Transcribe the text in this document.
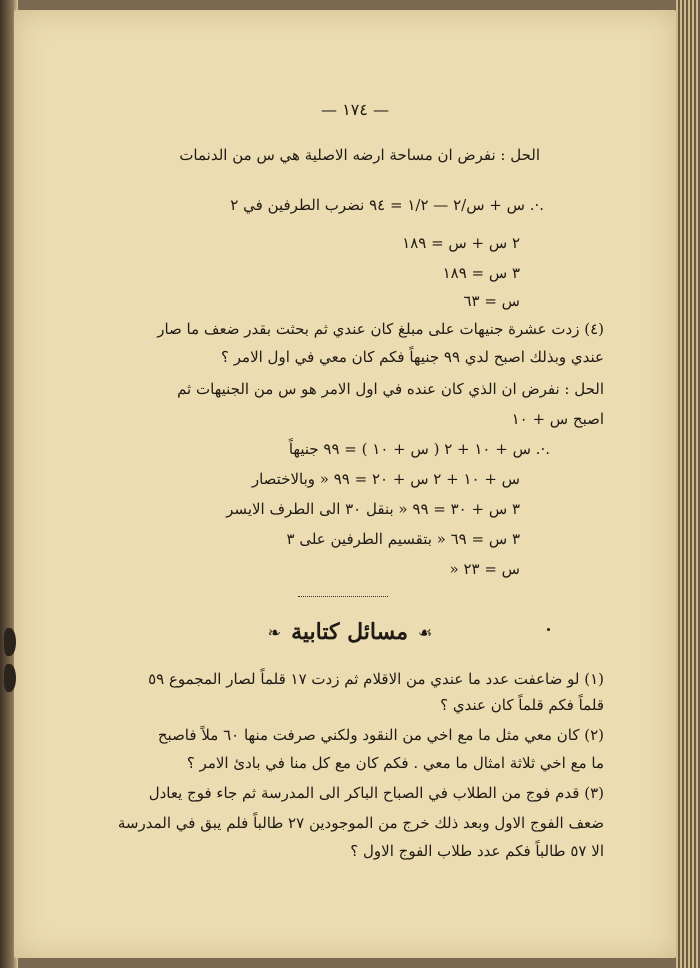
— ١٧٤ —
الحل : نفرض ان مساحة ارضه الاصلية هي س من الدنمات
.·. س + س/٢ — ١/٢ = ٩٤ نضرب الطرفين في ٢
٢ س + س = ١٨٩
٣ س = ١٨٩
س = ٦٣
(٤) زدت عشرة جنيهات على مبلغ كان عندي ثم بحثت بقدر ضعف ما صار
عندي وبذلك اصبح لدي ٩٩ جنيهاً فكم كان معي في اول الامر ؟
الحل : نفرض ان الذي كان عنده في اول الامر هو س من الجنيهات ثم
اصبح س + ١٠
.·. س + ١٠ + ٢ ( س + ١٠ ) = ٩٩ جنيهاً
س + ١٠ + ٢ س + ٢٠ = ٩٩ « وبالاختصار
٣ س + ٣٠ = ٩٩ « بنقل ٣٠ الى الطرف الايسر
٣ س = ٦٩ « بتقسيم الطرفين على ٣
س = ٢٣ «
❧ مسائل كتابية ☙
(١) لو ضاعفت عدد ما عندي من الاقلام ثم زدت ١٧ قلماً لصار المجموع ٥٩
قلماً فكم قلماً كان عندي ؟
(٢) كان معي مثل ما مع اخي من النقود ولكني صرفت منها ٦٠ ملاً فاصبح
ما مع اخي ثلاثة امثال ما معي . فكم كان مع كل منا في بادئ الامر ؟
(٣) قدم فوج من الطلاب في الصباح الباكر الى المدرسة ثم جاء فوج يعادل
ضعف الفوج الاول وبعد ذلك خرج من الموجودين ٢٧ طالباً فلم يبق في المدرسة
الا ٥٧ طالباً فكم عدد طلاب الفوج الاول ؟
